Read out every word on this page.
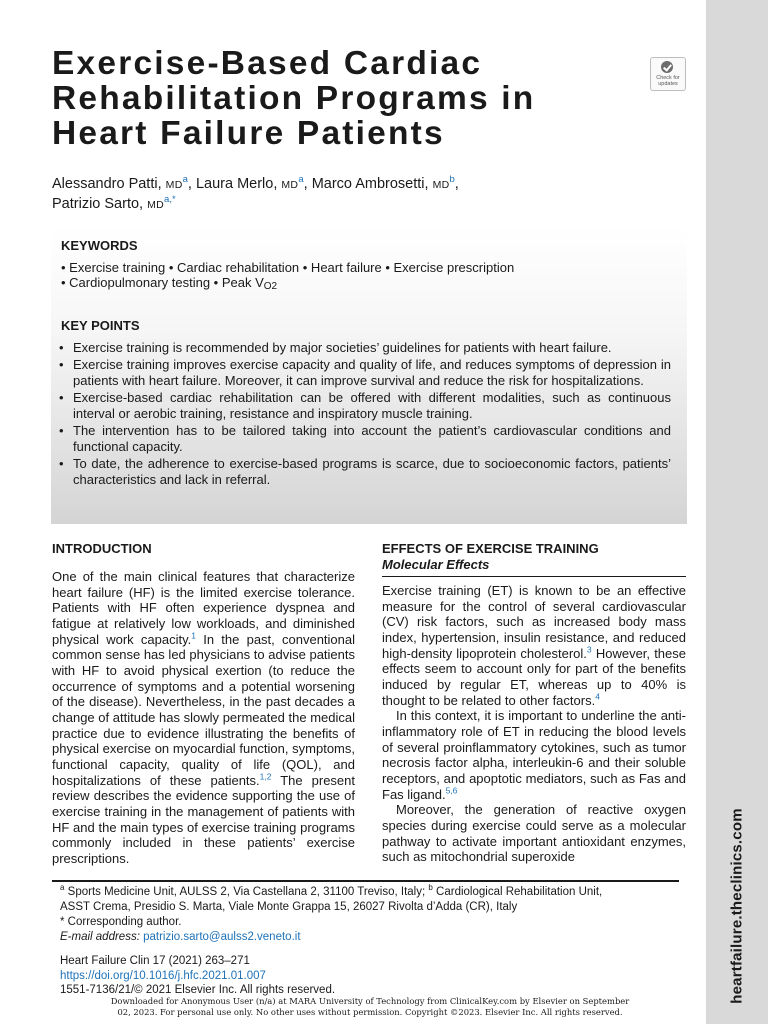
heartfailure.theclinics.com
Exercise-Based Cardiac
Rehabilitation Programs in
Heart Failure Patients
Check for
updates
Alessandro Patti, MD$^a$, Laura Merlo, MD$^a$, Marco Ambrosetti, MD$^b$,
Patrizio Sarto, MD$^{a,*}$
KEYWORDS
• Exercise training • Cardiac rehabilitation • Heart failure • Exercise prescription
• Cardiopulmonary testing • Peak VO2
KEY POINTS
• Exercise training is recommended by major societies’ guidelines for patients with heart failure.
• Exercise training improves exercise capacity and quality of life, and reduces symptoms of depression in patients with heart failure. Moreover, it can improve survival and reduce the risk for hospitalizations.
• Exercise-based cardiac rehabilitation can be offered with different modalities, such as continuous interval or aerobic training, resistance and inspiratory muscle training.
• The intervention has to be tailored taking into account the patient’s cardiovascular conditions and functional capacity.
• To date, the adherence to exercise-based programs is scarce, due to socioeconomic factors, patients’ characteristics and lack in referral.
INTRODUCTION

One of the main clinical features that characterize heart failure (HF) is the limited exercise tolerance. Patients with HF often experience dyspnea and fatigue at relatively low workloads, and diminished physical work capacity.$^1$ In the past, conventional common sense has led physicians to advise patients with HF to avoid physical exertion (to reduce the occurrence of symptoms and a potential worsening of the disease). Nevertheless, in the past decades a change of attitude has slowly permeated the medical practice due to evidence illustrating the benefits of physical exercise on myocardial function, symptoms, functional capacity, quality of life (QOL), and hospitalizations of these patients.$^{1,2}$ The present review describes the evidence supporting the use of exercise training in the management of patients with HF and the main types of exercise training programs commonly included in these patients’ exercise prescriptions.

EFFECTS OF EXERCISE TRAINING
Molecular Effects

Exercise training (ET) is known to be an effective measure for the control of several cardiovascular (CV) risk factors, such as increased body mass index, hypertension, insulin resistance, and reduced high-density lipoprotein cholesterol.$^3$ However, these effects seem to account only for part of the benefits induced by regular ET, whereas up to 40% is thought to be related to other factors.$^4$

In this context, it is important to underline the anti-inflammatory role of ET in reducing the blood levels of several proinflammatory cytokines, such as tumor necrosis factor alpha, interleukin-6 and their soluble receptors, and apoptotic mediators, such as Fas and Fas ligand.$^{5,6}$

Moreover, the generation of reactive oxygen species during exercise could serve as a molecular pathway to activate important antioxidant enzymes, such as mitochondrial superoxide

$^a$ Sports Medicine Unit, AULSS 2, Via Castellana 2, 31100 Treviso, Italy; $^b$ Cardiological Rehabilitation Unit,
ASST Crema, Presidio S. Marta, Viale Monte Grappa 15, 26027 Rivolta d’Adda (CR), Italy
* Corresponding author.
E-mail address: patrizio.sarto@aulss2.veneto.it
Heart Failure Clin 17 (2021) 263–271
https://doi.org/10.1016/j.hfc.2021.01.007
1551-7136/21/© 2021 Elsevier Inc. All rights reserved.
Downloaded for Anonymous User (n/a) at MARA University of Technology from ClinicalKey.com by Elsevier on September
02, 2023. For personal use only. No other uses without permission. Copyright ©2023. Elsevier Inc. All rights reserved.
